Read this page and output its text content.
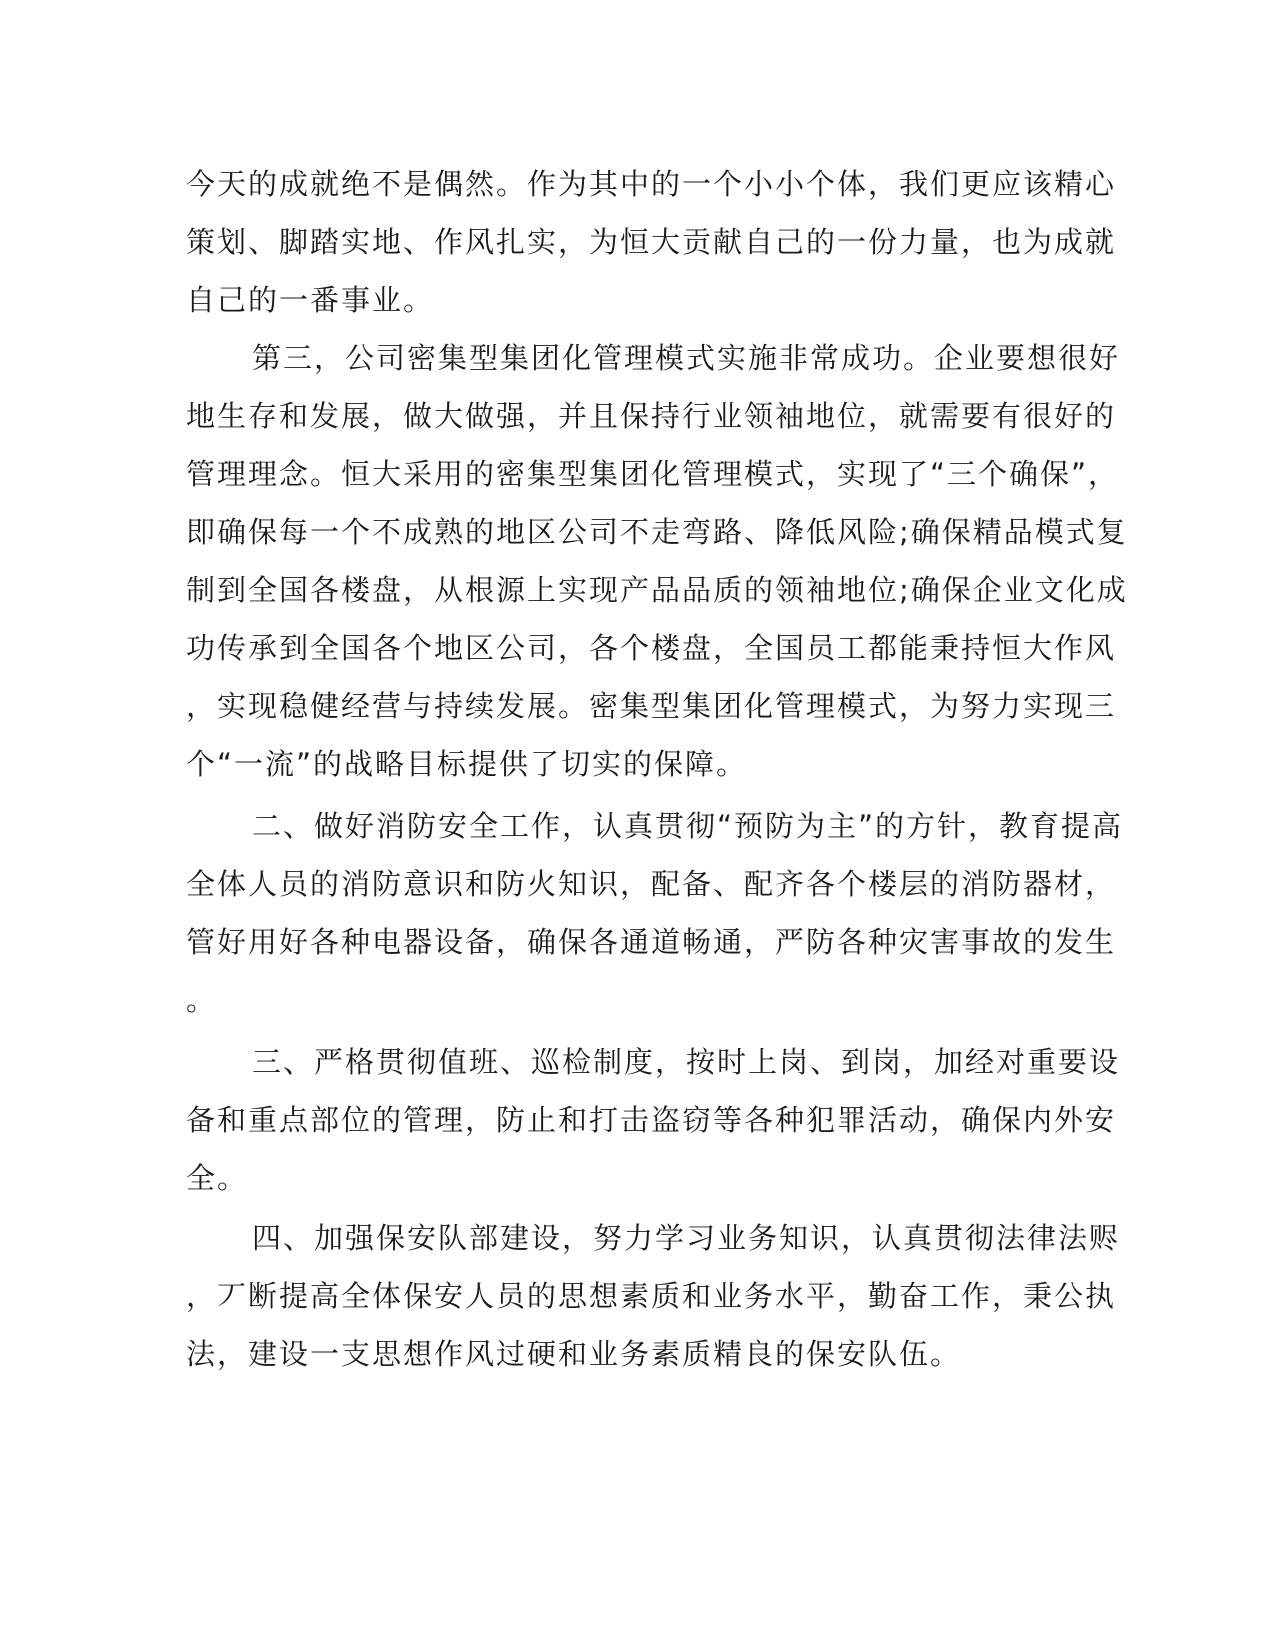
今天的成就绝不是偶然。作为其中的一个小小个体，我们更应该精心

策划、脚踏实地、作风扎实，为恒大贡献自己的一份力量，也为成就

自己的一番事业。

第三，公司密集型集团化管理模式实施非常成功。企业要想很好

地生存和发展，做大做强，并且保持行业领袖地位，就需要有很好的

管理理念。恒大采用的密集型集团化管理模式，实现了“三个确保”，

即确保每一个不成熟的地区公司不走弯路、降低风险;确保精品模式复

制到全国各楼盘，从根源上实现产品品质的领袖地位;确保企业文化成

功传承到全国各个地区公司，各个楼盘，全国员工都能秉持恒大作风

，实现稳健经营与持续发展。密集型集团化管理模式，为努力实现三

个“一流”的战略目标提供了切实的保障。

二、做好消防安全工作，认真贯彻“预防为主”的方针，教育提高

全体人员的消防意识和防火知识，配备、配齐各个楼层的消防器材，

管好用好各种电器设备，确保各通道畅通，严防各种灾害事故的发生

。

三、严格贯彻值班、巡检制度，按时上岗、到岗，加经对重要设

备和重点部位的管理，防止和打击盗窃等各种犯罪活动，确保内外安

全。

四、加强保安队部建设，努力学习业务知识，认真贯彻法律法赆

，丆断提高全体保安人员的思想素质和业务水平，勤奋工作，秉公执

法，建设一支思想作风过硬和业务素质精良的保安队伍。
